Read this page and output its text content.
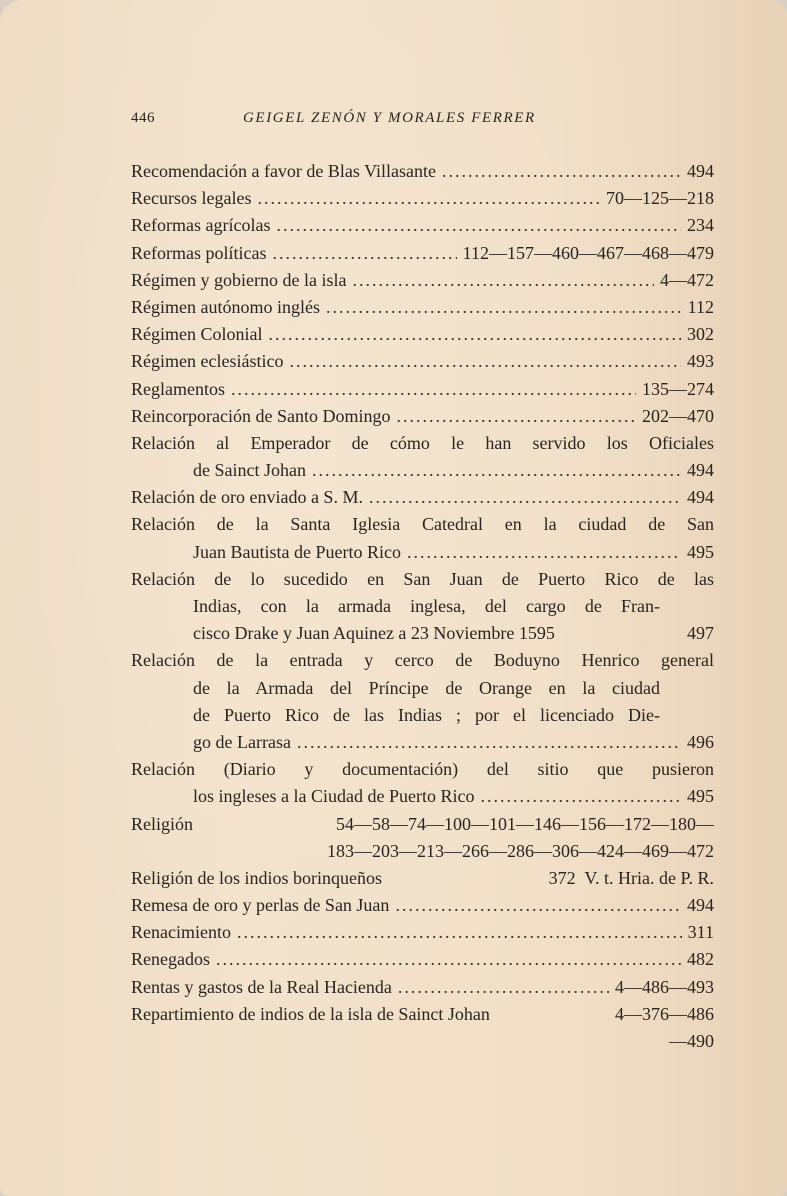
446	GEIGEL ZENÓN Y MORALES FERRER
Recomendación a favor de Blas Villasante .....	494
Recursos legales .....	70—125—218
Reformas agrícolas .....	234
Reformas políticas .....	112—157—460—467—468—479
Régimen y gobierno de la isla .....	4—472
Régimen autónomo inglés .....	112
Régimen Colonial .....	302
Régimen eclesiástico .....	493
Reglamentos .....	135—274
Reincorporación de Santo Domingo .....	202—470
Relación al Emperador de cómo le han servido los Oficiales
de Sainct Johan .....	494
Relación de oro enviado a S. M. .....	494
Relación de la Santa Iglesia Catedral en la ciudad de San
Juan Bautista de Puerto Rico .....	495
Relación de lo sucedido en San Juan de Puerto Rico de las
Indias, con la armada inglesa, del cargo de Fran-
cisco Drake y Juan Aquinez a 23 Noviembre 1595	497
Relación de la entrada y cerco de Boduyno Henrico general
de la Armada del Príncipe de Orange en la ciudad
de Puerto Rico de las Indias ; por el licenciado Die-
go de Larrasa .....	496
Relación (Diario y documentación) del sitio que pusieron
los ingleses a la Ciudad de Puerto Rico .....	495
Religión	54—58—74—100—101—146—156—172—180—
183—203—213—266—286—306—424—469—472
Religión de los indios borinqueños	372  V. t. Hria. de P. R.
Remesa de oro y perlas de San Juan .....	494
Renacimiento .....	311
Renegados .....	482
Rentas y gastos de la Real Hacienda .....	4—486—493
Repartimiento de indios de la isla de Sainct Johan	4—376—486
—490
